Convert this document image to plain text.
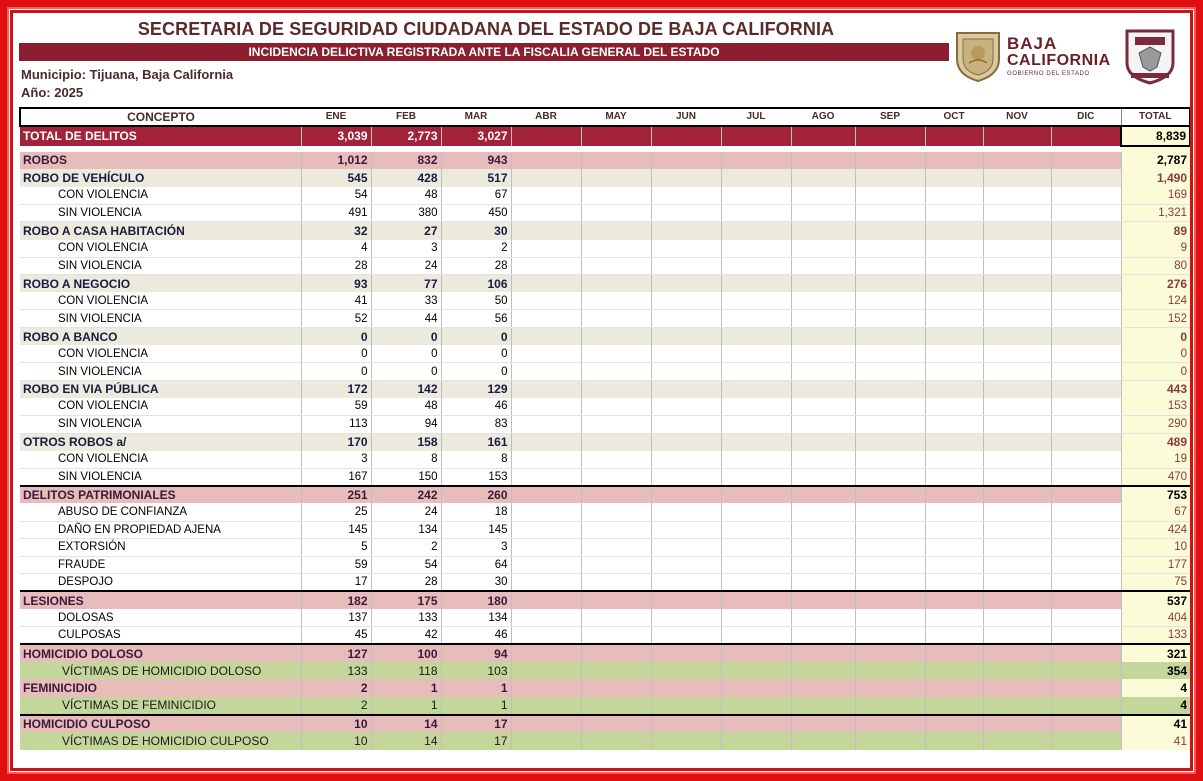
SECRETARIA DE SEGURIDAD CIUDADANA DEL ESTADO DE BAJA CALIFORNIA
INCIDENCIA DELICTIVA REGISTRADA ANTE LA FISCALIA GENERAL DEL ESTADO
Municipio: Tijuana, Baja California
Año: 2025
BAJA
CALIFORNIA
GOBIERNO DEL ESTADO
CONCEPTO	ENE	FEB	MAR	ABR	MAY	JUN	JUL	AGO	SEP	OCT	NOV	DIC	TOTAL
TOTAL DE DELITOS	3,039	2,773	3,027										8,839

ROBOS	1,012	832	943										2,787
ROBO DE VEHÍCULO	545	428	517										1,490
CON VIOLENCIA	54	48	67										169
SIN VIOLENCIA	491	380	450										1,321
ROBO A CASA HABITACIÓN	32	27	30										89
CON VIOLENCIA	4	3	2										9
SIN VIOLENCIA	28	24	28										80
ROBO A NEGOCIO	93	77	106										276
CON VIOLENCIA	41	33	50										124
SIN VIOLENCIA	52	44	56										152
ROBO A BANCO	0	0	0										0
CON VIOLENCIA	0	0	0										0
SIN VIOLENCIA	0	0	0										0
ROBO EN VIA PÚBLICA	172	142	129										443
CON VIOLENCIA	59	48	46										153
SIN VIOLENCIA	113	94	83										290
OTROS ROBOS a/	170	158	161										489
CON VIOLENCIA	3	8	8										19
SIN VIOLENCIA	167	150	153										470
DELITOS PATRIMONIALES	251	242	260										753
ABUSO DE CONFIANZA	25	24	18										67
DAÑO EN PROPIEDAD AJENA	145	134	145										424
EXTORSIÓN	5	2	3										10
FRAUDE	59	54	64										177
DESPOJO	17	28	30										75
LESIONES	182	175	180										537
DOLOSAS	137	133	134										404
CULPOSAS	45	42	46										133
HOMICIDIO DOLOSO	127	100	94										321
VÍCTIMAS DE HOMICIDIO DOLOSO	133	118	103										354
FEMINICIDIO	2	1	1										4
VÍCTIMAS DE FEMINICIDIO	2	1	1										4
HOMICIDIO CULPOSO	10	14	17										41
VÍCTIMAS DE HOMICIDIO CULPOSO	10	14	17										41
